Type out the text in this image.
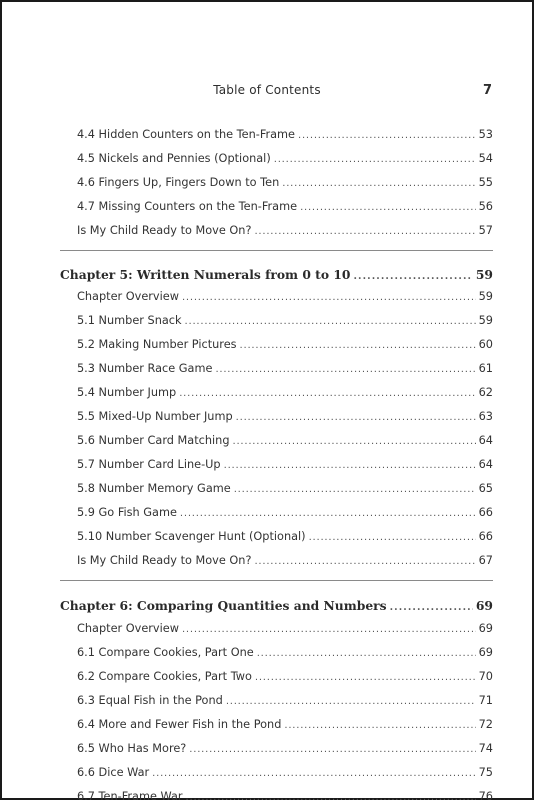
Table of Contents	7
4.4 Hidden Counters on the Ten-Frame . . .	53
4.5 Nickels and Pennies (Optional) . . .	54
4.6 Fingers Up, Fingers Down to Ten . . .	55
4.7 Missing Counters on the Ten-Frame . . .	56
Is My Child Ready to Move On? . . .	57
Chapter 5: Written Numerals from 0 to 10 . . .	59
Chapter Overview . . .	59
5.1 Number Snack . . .	59
5.2 Making Number Pictures . . .	60
5.3 Number Race Game . . .	61
5.4 Number Jump . . .	62
5.5 Mixed-Up Number Jump . . .	63
5.6 Number Card Matching . . .	64
5.7 Number Card Line-Up . . .	64
5.8 Number Memory Game . . .	65
5.9 Go Fish Game . . .	66
5.10 Number Scavenger Hunt (Optional) . . .	66
Is My Child Ready to Move On? . . .	67
Chapter 6: Comparing Quantities and Numbers . . .	69
Chapter Overview . . .	69
6.1 Compare Cookies, Part One . . .	69
6.2 Compare Cookies, Part Two . . .	70
6.3 Equal Fish in the Pond . . .	71
6.4 More and Fewer Fish in the Pond . . .	72
6.5 Who Has More? . . .	74
6.6 Dice War . . .	75
6.7 Ten-Frame War . . .	76
